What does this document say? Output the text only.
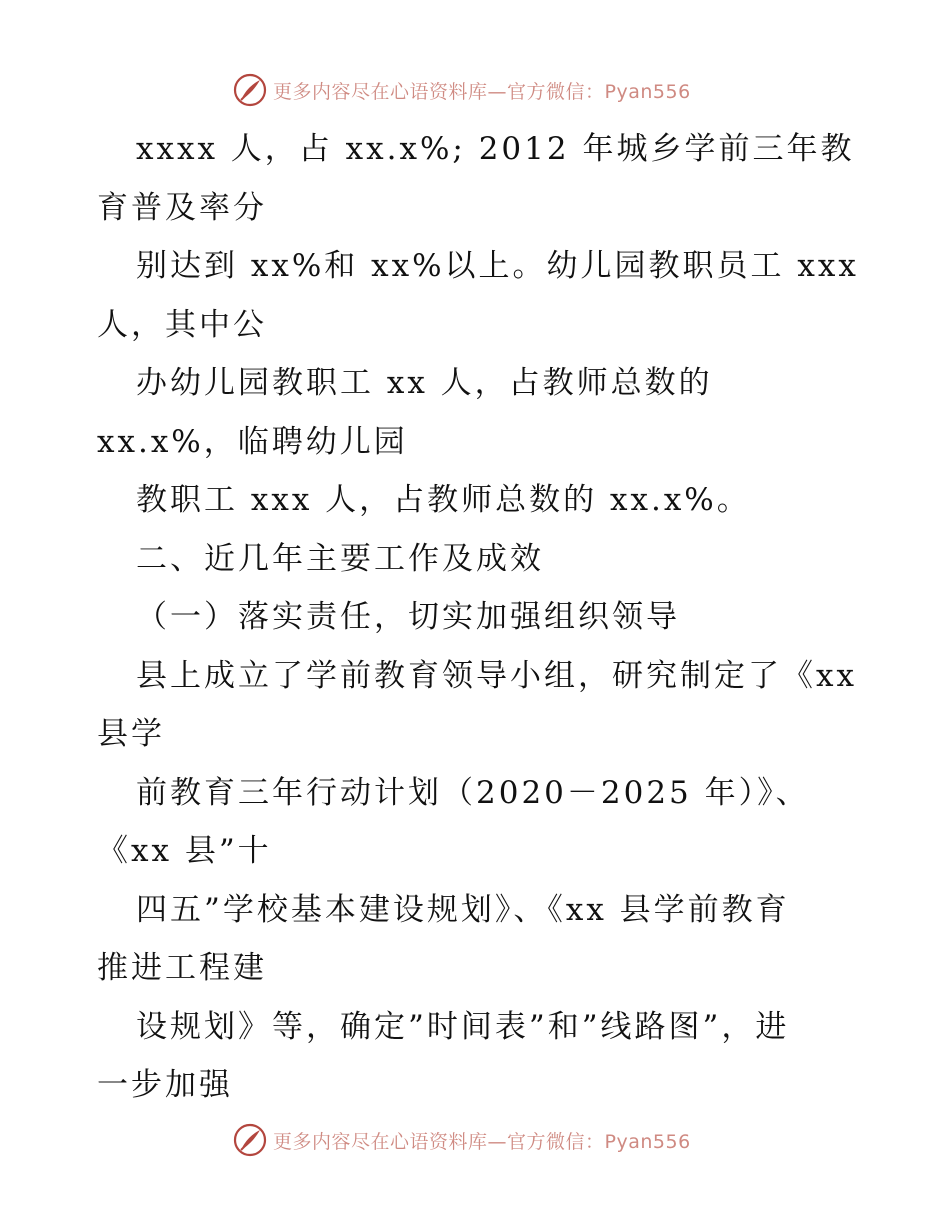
更多内容尽在心语资料库—官方微信：Pyan556
xxxx 人，占 xx.x%; 2012 年城乡学前三年教
育普及率分
别达到 xx%和 xx%以上。幼儿园教职员工 xxx
人，其中公
办幼儿园教职工 xx 人，占教师总数的
xx.x%，临聘幼儿园
教职工 xxx 人，占教师总数的 xx.x%。
二、近几年主要工作及成效
（一）落实责任，切实加强组织领导
县上成立了学前教育领导小组，研究制定了《xx
县学
前教育三年行动计划（2020－2025 年）》、
《xx 县”十
四五”学校基本建设规划》、《xx 县学前教育
推进工程建
设规划》等，确定”时间表”和”线路图”，进
一步加强
更多内容尽在心语资料库—官方微信：Pyan556
